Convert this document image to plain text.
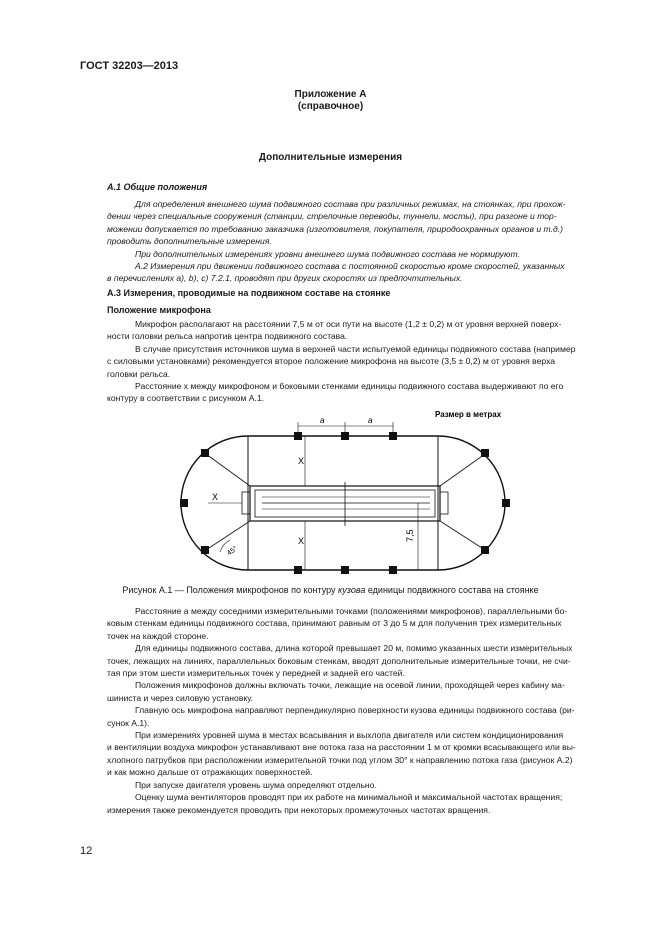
ГОСТ 32203—2013
Приложение А
(справочное)
Дополнительные измерения
А.1 Общие положения
Для определения внешнего шума подвижного состава при различных режимах, на стоянках, при прохож-
дении через специальные сооружения (станции, стрелочные переводы, туннели, мосты), при разгоне и тор-
можении допускается по требованию заказчика (изготовителя, покупателя, природоохранных органов и т.д.)
проводить дополнительные измерения.
При дополнительных измерениях уровни внешнего шума подвижного состава не нормируют.
А.2 Измерения при движении подвижного состава с постоянной скоростью кроме скоростей, указанных
в перечислениях а), b), c) 7.2.1, проводят при других скоростях из предпочтительных.
А.3 Измерения, проводимые на подвижном составе на стоянке
Положение микрофона
Микрофон располагают на расстоянии 7,5 м от оси пути на высоте (1,2 ± 0,2) м от уровня верхней поверх-
ности головки рельса напротив центра подвижного состава.
В случае присутствия источников шума в верхней части испытуемой единицы подвижного состава (например
с силовыми установками) рекомендуется второе положение микрофона на высоте (3,5 ± 0,2) м от уровня верха
головки рельса.
Расстояние x между микрофоном и боковыми стенками единицы подвижного состава выдерживают по его
контуру в соответствии с рисунком А.1.
Размер в метрах
a	a
X
X
X
7,5
45°
Рисунок А.1 — Положения микрофонов по контуру кузова единицы подвижного состава на стоянке
Расстояние а между соседними измерительными точками (положениями микрофонов), параллельными бо-
ковым стенкам единицы подвижного состава, принимают равным от 3 до 5 м для получения трех измерительных
точек на каждой стороне.
Для единицы подвижного состава, длина которой превышает 20 м, помимо указанных шести измерительных
точек, лежащих на линиях, параллельных боковым стенкам, вводят дополнительные измерительные точки, не счи-
тая при этом шести измерительных точек у передней и задней его частей.
Положения микрофонов должны включать точки, лежащие на осевой линии, проходящей через кабину ма-
шиниста и через силовую установку.
Главную ось микрофона направляют перпендикулярно поверхности кузова единицы подвижного состава (ри-
сунок А.1).
При измерениях уровней шума в местах всасывания и выхлопа двигателя или систем кондиционирования
и вентиляции воздуха микрофон устанавливают вне потока газа на расстоянии 1 м от кромки всасывающего или вы-
хлопного патрубков при расположении измерительной точки под углом 30° к направлению потока газа (рисунок А.2)
и как можно дальше от отражающих поверхностей.
При запуске двигателя уровень шума определяют отдельно.
Оценку шума вентиляторов проводят при их работе на минимальной и максимальной частотах вращения;
измерения также рекомендуется проводить при некоторых промежуточных частотах вращения.
12
